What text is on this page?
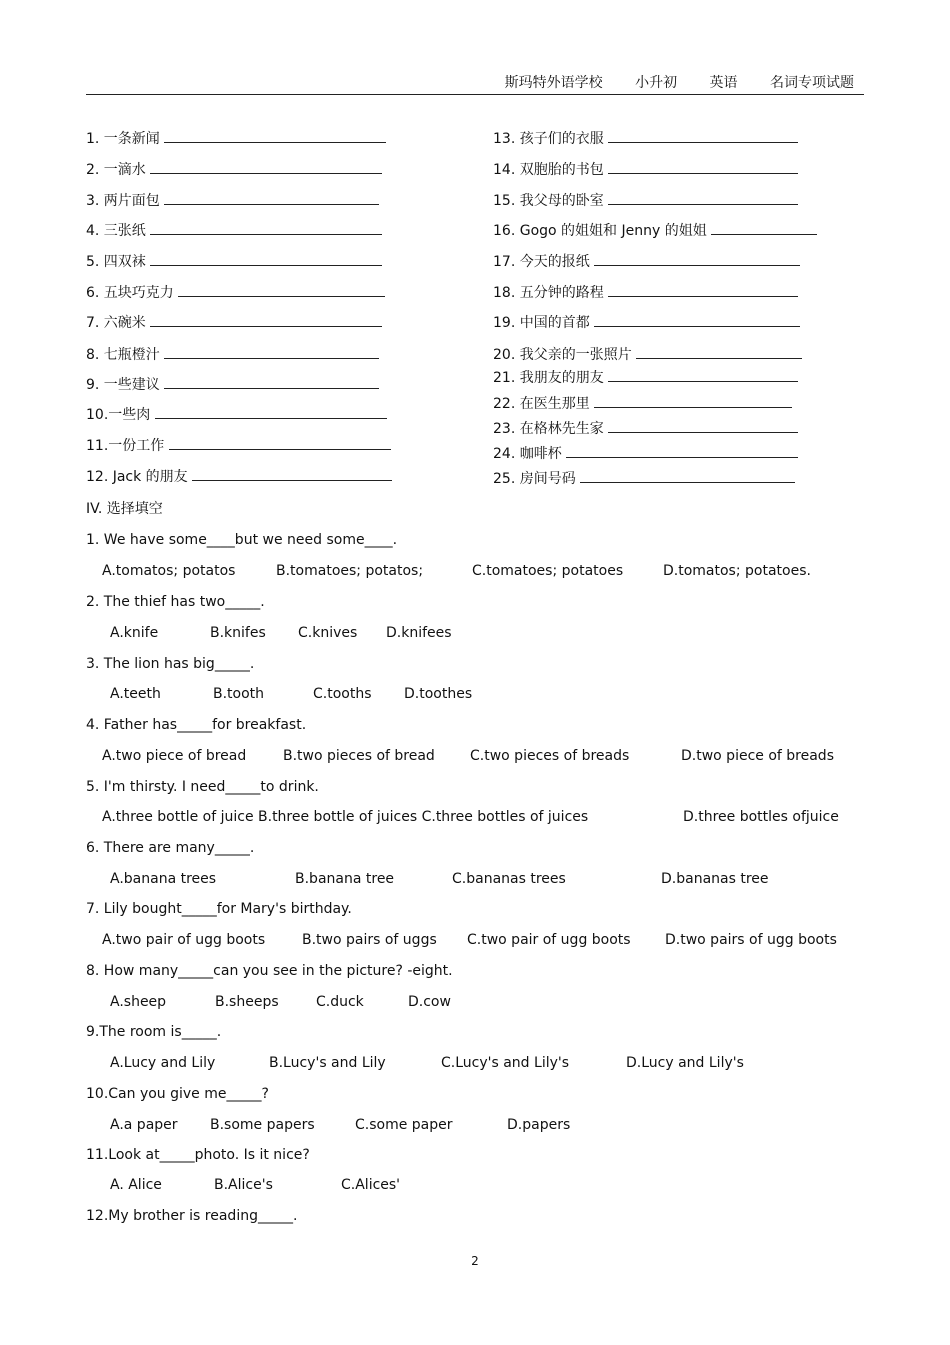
斯玛特外语学校 小升初 英语 名词专项试题
1. 一条新闻
2. 一滴水
3. 两片面包
4. 三张纸
5. 四双袜
6. 五块巧克力
7. 六碗米
8. 七瓶橙汁
9. 一些建议
10.一些肉
11.一份工作
12. Jack 的朋友
13. 孩子们的衣服
14. 双胞胎的书包
15. 我父母的卧室
16. Gogo 的姐姐和 Jenny 的姐姐
17. 今天的报纸
18. 五分钟的路程
19. 中国的首都
20. 我父亲的一张照片
21. 我朋友的朋友
22. 在医生那里
23. 在格林先生家
24. 咖啡杯
25. 房间号码
IV. 选择填空
1. We have some____but we need some____.
A.tomatos; potatos	B.tomatoes; potatos;	C.tomatoes; potatoes	D.tomatos; potatoes.
2. The thief has two_____.
A.knife	B.knifes C.knives D.knifees
3. The lion has big_____.
A.teeth	B.tooth	C.tooths D.toothes
4. Father has_____for breakfast.
A.two piece of bread	B.two pieces of bread	C.two pieces of breads	D.two piece of breads
5. I'm thirsty. I need_____to drink.
A.three bottle of juice B.three bottle of juices C.three bottles of juices	D.three bottles ofjuice
6. There are many_____.
A.banana trees	B.banana tree	C.bananas trees	D.bananas tree
7. Lily bought_____for Mary's birthday.
A.two pair of ugg boots	B.two pairs of uggs C.two pair of ugg boots D.two pairs of ugg boots
8. How many_____can you see in the picture? -eight.
A.sheep	B.sheeps	C.duck	D.cow
9.The room is_____.
A.Lucy and Lily	B.Lucy's and Lily	C.Lucy's and Lily's	D.Lucy and Lily's
10.Can you give me_____?
A.a paper B.some papers	C.some paper	D.papers
11.Look at_____photo. Is it nice?
A. Alice	B.Alice's	C.Alices'
12.My brother is reading_____.
2
